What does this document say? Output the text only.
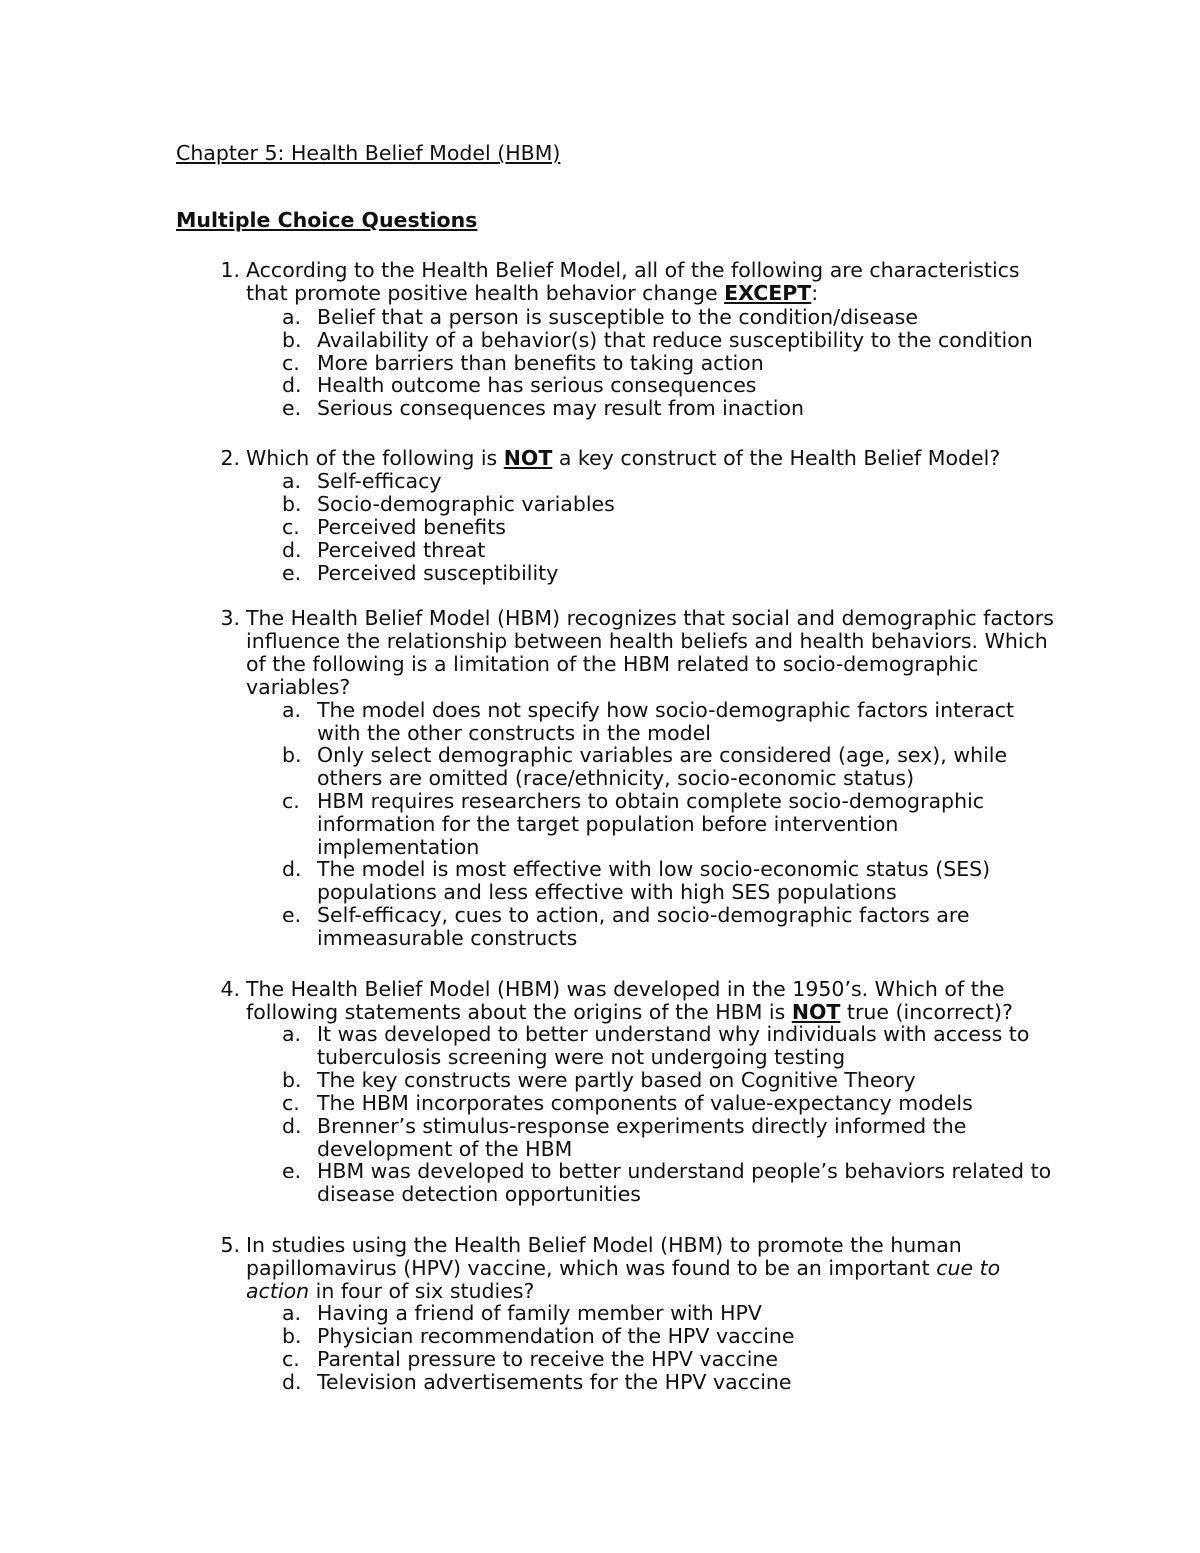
Chapter 5: Health Belief Model (HBM)
Multiple Choice Questions
1. According to the Health Belief Model, all of the following are characteristics
that promote positive health behavior change EXCEPT:
a. Belief that a person is susceptible to the condition/disease
b. Availability of a behavior(s) that reduce susceptibility to the condition
c. More barriers than benefits to taking action
d. Health outcome has serious consequences
e. Serious consequences may result from inaction
2. Which of the following is NOT a key construct of the Health Belief Model?
a. Self-efficacy
b. Socio-demographic variables
c. Perceived benefits
d. Perceived threat
e. Perceived susceptibility
3. The Health Belief Model (HBM) recognizes that social and demographic factors
influence the relationship between health beliefs and health behaviors. Which
of the following is a limitation of the HBM related to socio-demographic
variables?
a. The model does not specify how socio-demographic factors interact
with the other constructs in the model
b. Only select demographic variables are considered (age, sex), while
others are omitted (race/ethnicity, socio-economic status)
c. HBM requires researchers to obtain complete socio-demographic
information for the target population before intervention
implementation
d. The model is most effective with low socio-economic status (SES)
populations and less effective with high SES populations
e. Self-efficacy, cues to action, and socio-demographic factors are
immeasurable constructs
4. The Health Belief Model (HBM) was developed in the 1950’s. Which of the
following statements about the origins of the HBM is NOT true (incorrect)?
a. It was developed to better understand why individuals with access to
tuberculosis screening were not undergoing testing
b. The key constructs were partly based on Cognitive Theory
c. The HBM incorporates components of value-expectancy models
d. Brenner’s stimulus-response experiments directly informed the
development of the HBM
e. HBM was developed to better understand people’s behaviors related to
disease detection opportunities
5. In studies using the Health Belief Model (HBM) to promote the human
papillomavirus (HPV) vaccine, which was found to be an important cue to
action in four of six studies?
a. Having a friend of family member with HPV
b. Physician recommendation of the HPV vaccine
c. Parental pressure to receive the HPV vaccine
d. Television advertisements for the HPV vaccine
